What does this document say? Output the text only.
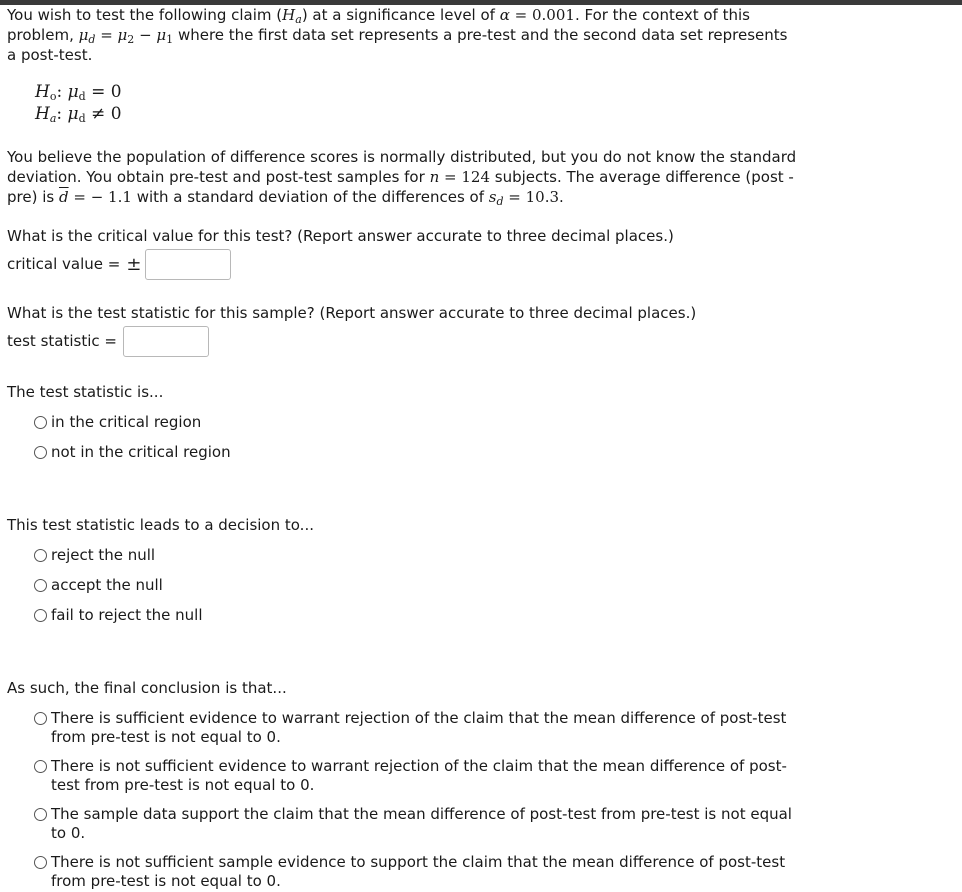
You wish to test the following claim $(H_a)$ at a significance level of α = 0.001. For the context of this problem, $\mu_d = \mu_2 - \mu_1$ where the first data set represents a pre-test and the second data set represents a post-test.

$H_o$: $\mu_d = 0$
$H_a$: $\mu_d \ne 0$

You believe the population of difference scores is normally distributed, but you do not know the standard deviation. You obtain pre-test and post-test samples for n = 124 subjects. The average difference (post - pre) is $\overline{d}$ = − 1.1 with a standard deviation of the differences of $s_d = 10.3$.

What is the critical value for this test? (Report answer accurate to three decimal places.)

critical value = ±

What is the test statistic for this sample? (Report answer accurate to three decimal places.)

test statistic =

The test statistic is...

in the critical region
not in the critical region

This test statistic leads to a decision to...

reject the null
accept the null
fail to reject the null

As such, the final conclusion is that...

There is sufficient evidence to warrant rejection of the claim that the mean difference of post-test from pre-test is not equal to 0.
There is not sufficient evidence to warrant rejection of the claim that the mean difference of post-test from pre-test is not equal to 0.
The sample data support the claim that the mean difference of post-test from pre-test is not equal to 0.
There is not sufficient sample evidence to support the claim that the mean difference of post-test from pre-test is not equal to 0.
